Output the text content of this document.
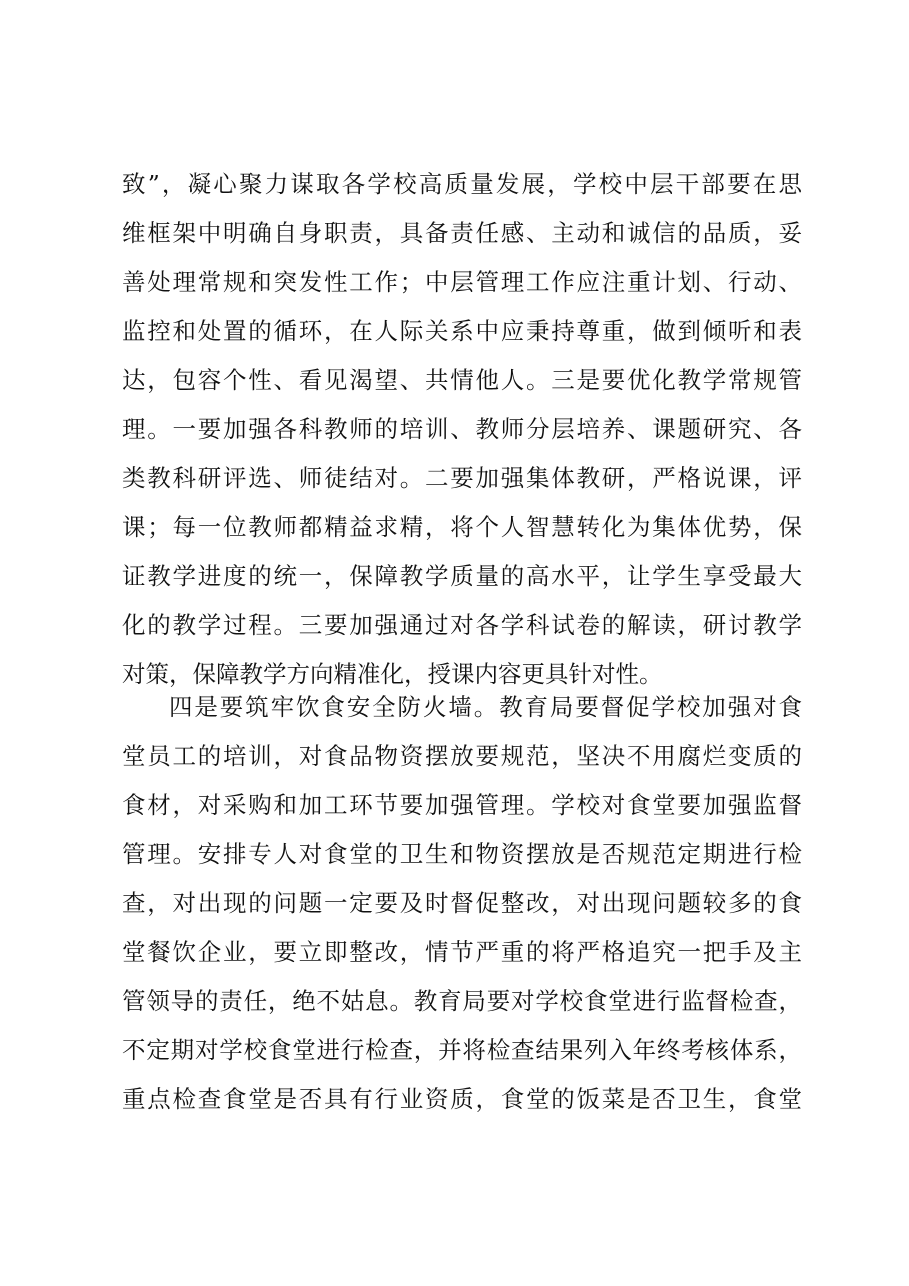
致”，凝心聚力谋取各学校高质量发展，学校中层干部要在思
维框架中明确自身职责，具备责任感、主动和诚信的品质，妥
善处理常规和突发性工作；中层管理工作应注重计划、行动、
监控和处置的循环，在人际关系中应秉持尊重，做到倾听和表
达，包容个性、看见渴望、共情他人。三是要优化教学常规管
理。一要加强各科教师的培训、教师分层培养、课题研究、各
类教科研评选、师徒结对。二要加强集体教研，严格说课，评
课；每一位教师都精益求精，将个人智慧转化为集体优势，保
证教学进度的统一，保障教学质量的高水平，让学生享受最大
化的教学过程。三要加强通过对各学科试卷的解读，研讨教学
对策，保障教学方向精准化，授课内容更具针对性。
四是要筑牢饮食安全防火墙。教育局要督促学校加强对食
堂员工的培训，对食品物资摆放要规范，坚决不用腐烂变质的
食材，对采购和加工环节要加强管理。学校对食堂要加强监督
管理。安排专人对食堂的卫生和物资摆放是否规范定期进行检
查，对出现的问题一定要及时督促整改，对出现问题较多的食
堂餐饮企业，要立即整改，情节严重的将严格追究一把手及主
管领导的责任，绝不姑息。教育局要对学校食堂进行监督检查，
不定期对学校食堂进行检查，并将检查结果列入年终考核体系，
重点检查食堂是否具有行业资质，食堂的饭菜是否卫生，食堂
